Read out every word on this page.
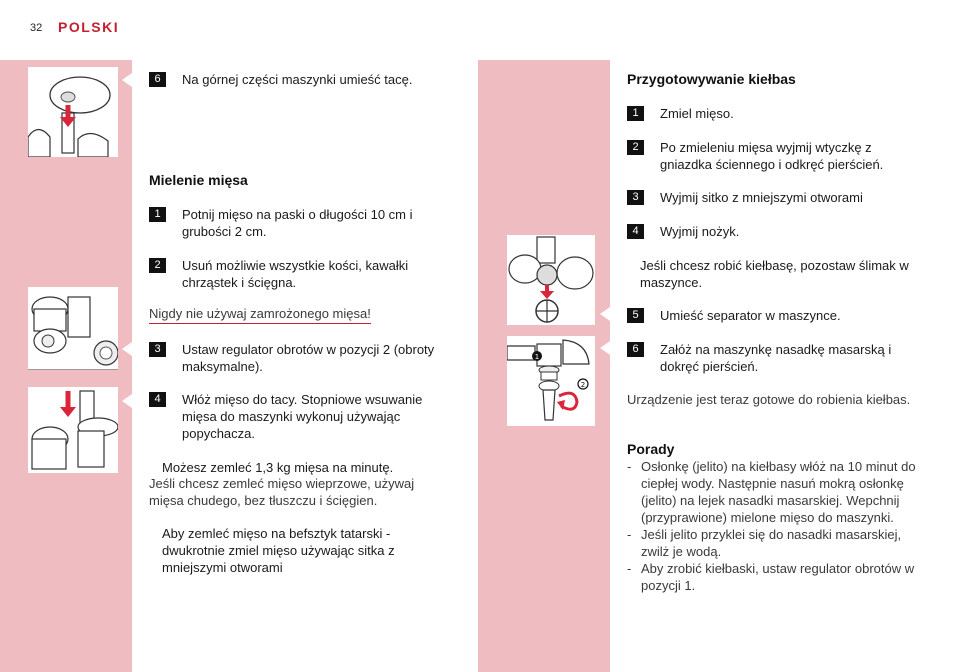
32 POLSKI
6	Na górnej części maszynki umieść tacę.
Mielenie mięsa
1	Potnij mięso na paski o długości 10 cm i grubości 2 cm.
2	Usuń możliwie wszystkie kości, kawałki chrząstek i ścięgna.
Nigdy nie używaj zamrożonego mięsa!
3	Ustaw regulator obrotów w pozycji 2 (obroty maksymalne).
4	Włóż mięso do tacy. Stopniowe wsuwanie mięsa do maszynki wykonuj używając popychacza.
Możesz zemleć 1,3 kg mięsa na minutę.
Jeśli chcesz zemleć mięso wieprzowe, używaj mięsa chudego, bez tłuszczu i ścięgien.
Aby zemleć mięso na befsztyk tatarski - dwukrotnie zmiel mięso używając sitka z mniejszymi otworami
1
2
Przygotowywanie kiełbas
1	Zmiel mięso.
2	Po zmieleniu mięsa wyjmij wtyczkę z gniazdka ściennego i odkręć pierścień.
3	Wyjmij sitko z mniejszymi otworami
4	Wyjmij nożyk.
Jeśli chcesz robić kiełbasę, pozostaw ślimak w maszynce.
5	Umieść separator w maszynce.
6	Załóż na maszynkę nasadkę masarską i dokręć pierścień.
Urządzenie jest teraz gotowe do robienia kiełbas.
Porady
- Osłonkę (jelito) na kiełbasy włóż na 10 minut do ciepłej wody. Następnie nasuń mokrą osłonkę (jelito) na lejek nasadki masarskiej. Wepchnij (przyprawione) mielone mięso do maszynki.
- Jeśli jelito przyklei się do nasadki masarskiej, zwilż je wodą.
- Aby zrobić kiełbaski, ustaw regulator obrotów w pozycji 1.
